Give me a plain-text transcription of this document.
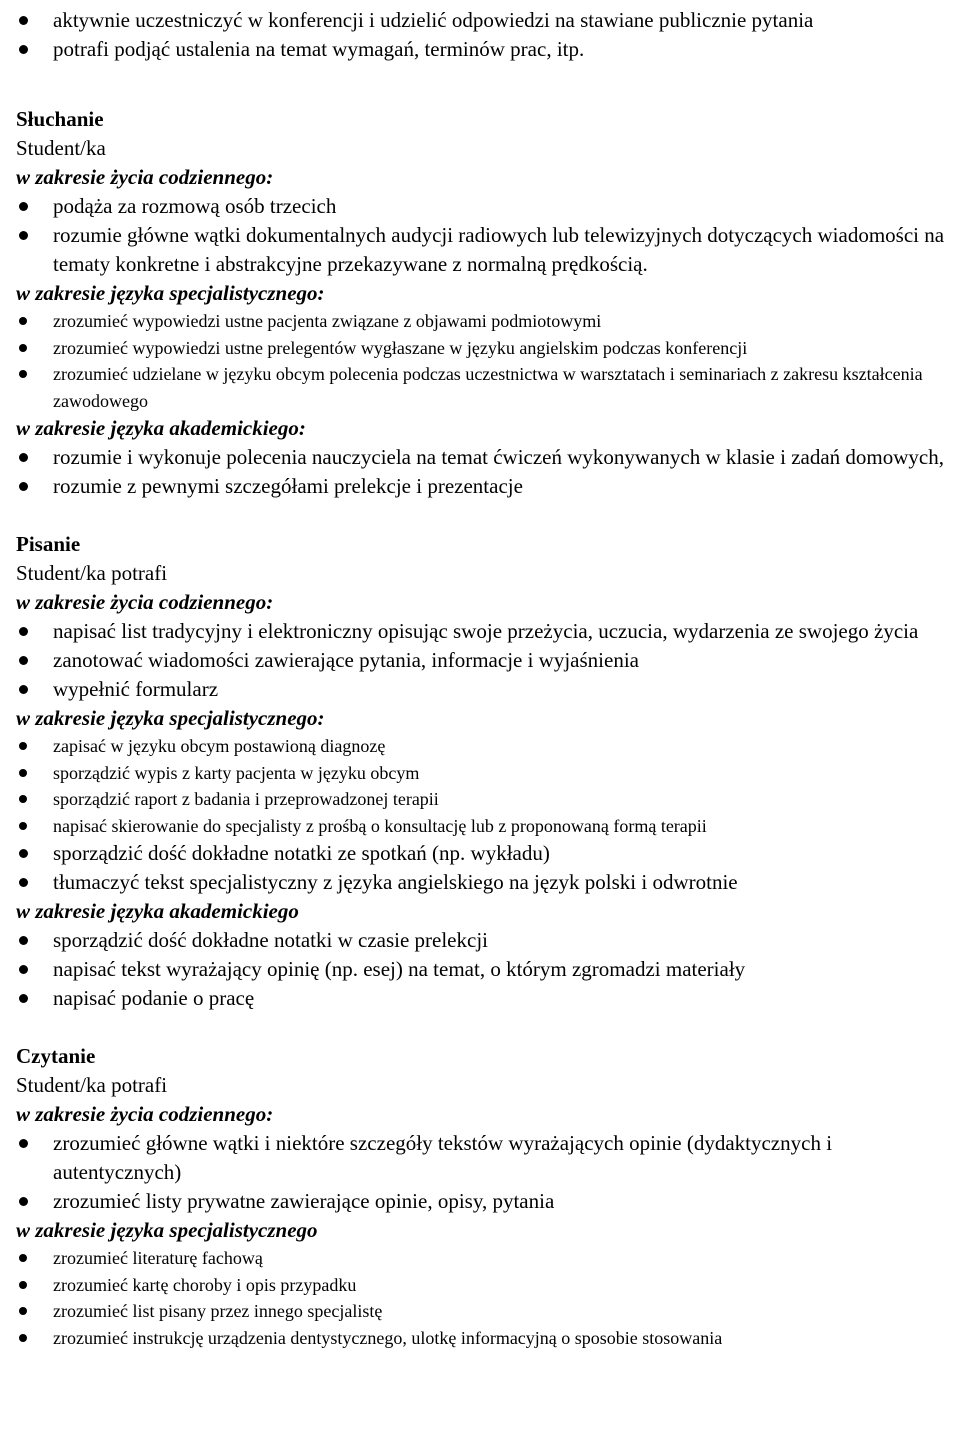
aktywnie uczestniczyć w konferencji i udzielić odpowiedzi na stawiane publicznie pytania
potrafi podjąć ustalenia na temat wymagań, terminów prac, itp.
Słuchanie
Student/ka
w zakresie życia codziennego:
podąża za rozmową osób trzecich
rozumie główne wątki dokumentalnych audycji radiowych lub telewizyjnych dotyczących wiadomości na tematy konkretne i abstrakcyjne przekazywane z normalną prędkością.
w zakresie języka specjalistycznego:
zrozumieć wypowiedzi ustne pacjenta związane z objawami podmiotowymi
zrozumieć wypowiedzi ustne prelegentów wygłaszane w języku angielskim podczas konferencji
zrozumieć udzielane w języku obcym polecenia podczas uczestnictwa w warsztatach i seminariach z zakresu kształcenia zawodowego
w zakresie języka akademickiego:
rozumie i wykonuje polecenia nauczyciela na temat ćwiczeń wykonywanych w klasie i zadań domowych,
rozumie z pewnymi szczegółami prelekcje i prezentacje
Pisanie
Student/ka potrafi
w zakresie życia codziennego:
napisać list tradycyjny i elektroniczny opisując swoje przeżycia, uczucia, wydarzenia ze swojego życia
zanotować wiadomości zawierające pytania, informacje i wyjaśnienia
wypełnić formularz
w zakresie języka specjalistycznego:
zapisać w języku obcym postawioną diagnozę
sporządzić wypis z karty pacjenta w języku obcym
sporządzić raport z badania i przeprowadzonej terapii
napisać skierowanie do specjalisty z prośbą o konsultację lub z proponowaną formą terapii
sporządzić dość dokładne notatki ze spotkań (np. wykładu)
tłumaczyć tekst specjalistyczny z języka angielskiego na język polski i odwrotnie
w zakresie języka akademickiego
sporządzić dość dokładne notatki w czasie prelekcji
napisać tekst wyrażający opinię (np. esej) na temat, o którym zgromadzi materiały
napisać podanie o pracę
Czytanie
Student/ka potrafi
w zakresie życia codziennego:
zrozumieć główne wątki i niektóre szczegóły tekstów wyrażających opinie (dydaktycznych i autentycznych)
zrozumieć listy prywatne zawierające opinie, opisy, pytania
w zakresie języka specjalistycznego
zrozumieć literaturę fachową
zrozumieć kartę choroby i opis przypadku
zrozumieć list pisany przez innego specjalistę
zrozumieć instrukcję urządzenia dentystycznego, ulotkę informacyjną o sposobie stosowania
